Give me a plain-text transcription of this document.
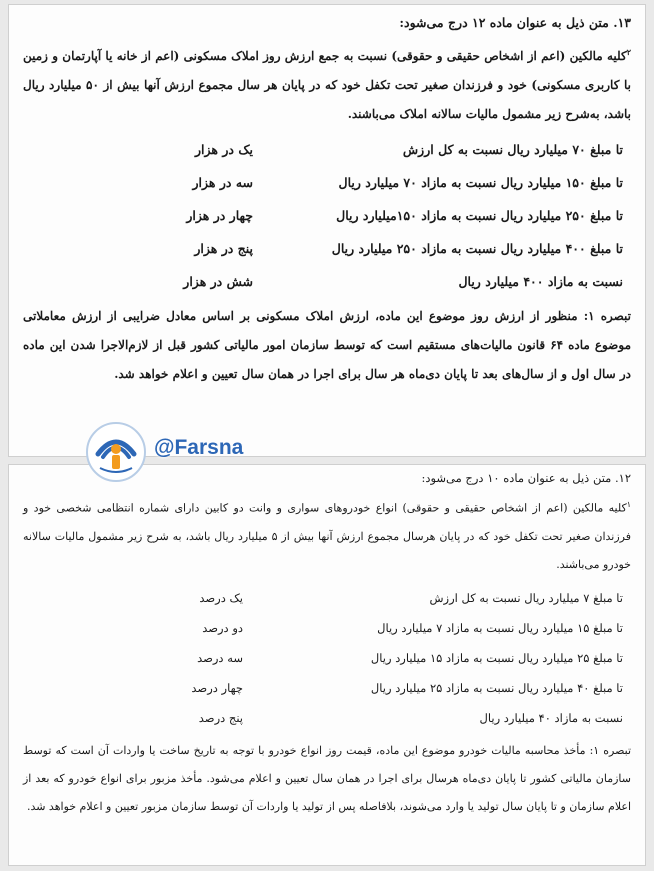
۱۳. متن ذیل به عنوان ماده ۱۲ درج می‌شود:

$^۲$کلیه مالکین (اعم از اشخاص حقیقی و حقوقی) نسبت به جمع ارزش روز املاک مسکونی (اعم از خانه یا آپارتمان و زمین با کاربری مسکونی) خود و فرزندان صغیر تحت تکفل خود که در پایان هر سال مجموع ارزش آنها بیش از ۵۰ میلیارد ریال باشد، به‌شرح زیر مشمول مالیات سالانه املاک می‌باشند.

تا مبلغ ۷۰ میلیارد ریال نسبت به کل ارزش
یک در هزار
تا مبلغ ۱۵۰ میلیارد ریال نسبت به مازاد ۷۰ میلیارد ریال
سه در هزار
تا مبلغ ۲۵۰ میلیارد ریال نسبت به مازاد ۱۵۰میلیارد ریال
چهار در هزار
تا مبلغ ۴۰۰ میلیارد ریال نسبت به مازاد ۲۵۰ میلیارد ریال
پنج در هزار
نسبت به مازاد ۴۰۰ میلیارد ریال
شش در هزار

تبصره ۱: منظور از ارزش روز موضوع این ماده، ارزش املاک مسکونی بر اساس معادل ضرایبی از ارزش معاملاتی موضوع ماده ۶۴ قانون مالیات‌های مستقیم است که توسط سازمان امور مالیاتی کشور قبل از لازم‌الاجرا شدن این ماده در سال اول و از سال‌های بعد تا پایان دی‌ماه هر سال برای اجرا در همان سال تعیین و اعلام خواهد شد.

۱۲. متن ذیل به عنوان ماده ۱۰ درج می‌شود:

$^۱$کلیه مالکین (اعم از اشخاص حقیقی و حقوقی) انواع خودروهای سواری و وانت دو کابین دارای شماره انتظامی شخصی خود و فرزندان صغیر تحت تکفل خود که در پایان هرسال مجموع ارزش آنها بیش از ۵ میلیارد ریال باشد، به شرح زیر مشمول مالیات سالانه خودرو می‌باشند.

تا مبلغ ۷ میلیارد ریال نسبت به کل ارزش
یک درصد
تا مبلغ ۱۵ میلیارد ریال نسبت به مازاد ۷ میلیارد ریال
دو درصد
تا مبلغ ۲۵ میلیارد ریال نسبت به مازاد ۱۵ میلیارد ریال
سه درصد
تا مبلغ ۴۰ میلیارد ریال نسبت به مازاد ۲۵ میلیارد ریال
چهار درصد
نسبت به مازاد ۴۰ میلیارد ریال
پنج درصد

تبصره ۱: مأخذ محاسبه مالیات خودرو موضوع این ماده، قیمت روز انواع خودرو با توجه به تاریخ ساخت یا واردات آن است که توسط سازمان مالیاتی کشور تا پایان دی‌ماه هرسال برای اجرا در همان سال تعیین و اعلام می‌شود. مأخذ مزبور برای انواع خودرو که بعد از اعلام سازمان و تا پایان سال تولید یا وارد می‌شوند، بلافاصله پس از تولید یا واردات آن توسط سازمان مزبور تعیین و اعلام خواهد شد.

@Farsna
